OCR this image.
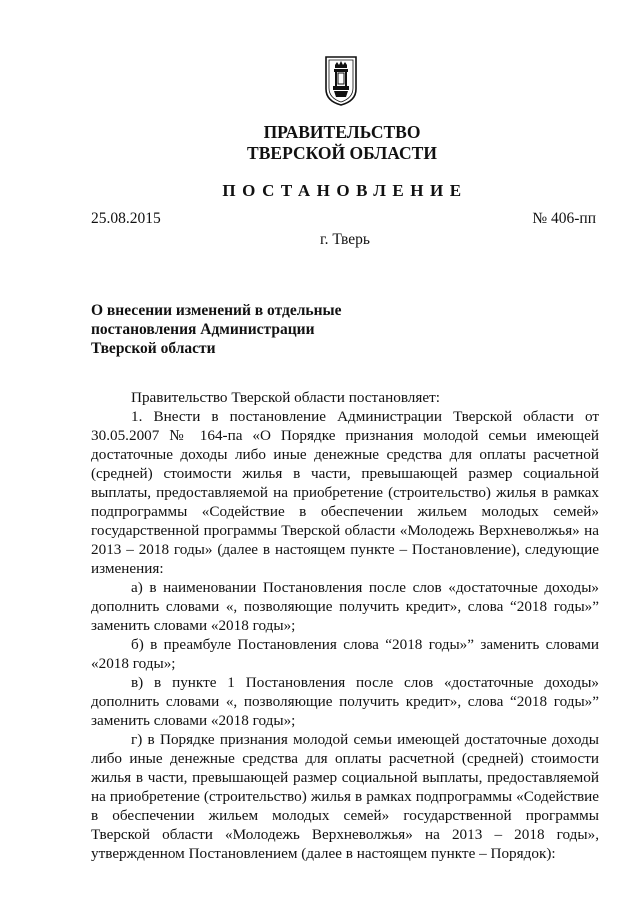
ПРАВИТЕЛЬСТВО
ТВЕРСКОЙ ОБЛАСТИ
ПОСТАНОВЛЕНИЕ
25.08.2015	№ 406-пп
г. Тверь
О внесении изменений в отдельные
постановления Администрации
Тверской области

Правительство Тверской области постановляет:

1. Внести в постановление Администрации Тверской области от 30.05.2007 № 164-па «О Порядке признания молодой семьи имеющей достаточные доходы либо иные денежные средства для оплаты расчетной (средней) стоимости жилья в части, превышающей размер социальной выплаты, предоставляемой на приобретение (строительство) жилья в рамках подпрограммы «Содействие в обеспечении жильем молодых семей» государственной программы Тверской области «Молодежь Верхневолжья» на 2013 – 2018 годы» (далее в настоящем пункте – Постановление), следующие изменения:

а) в наименовании Постановления после слов «достаточные доходы» дополнить словами «, позволяющие получить кредит», слова “2018 годы»” заменить словами «2018 годы»;

б) в преамбуле Постановления слова “2018 годы»” заменить словами «2018 годы»;

в) в пункте 1 Постановления после слов «достаточные доходы» дополнить словами «, позволяющие получить кредит», слова “2018 годы»” заменить словами «2018 годы»;

г) в Порядке признания молодой семьи имеющей достаточные доходы либо иные денежные средства для оплаты расчетной (средней) стоимости жилья в части, превышающей размер социальной выплаты, предоставляемой на приобретение (строительство) жилья в рамках подпрограммы «Содействие в обеспечении жильем молодых семей» государственной программы Тверской области «Молодежь Верхневолжья» на 2013 – 2018 годы», утвержденном Постановлением (далее в настоящем пункте – Порядок):
